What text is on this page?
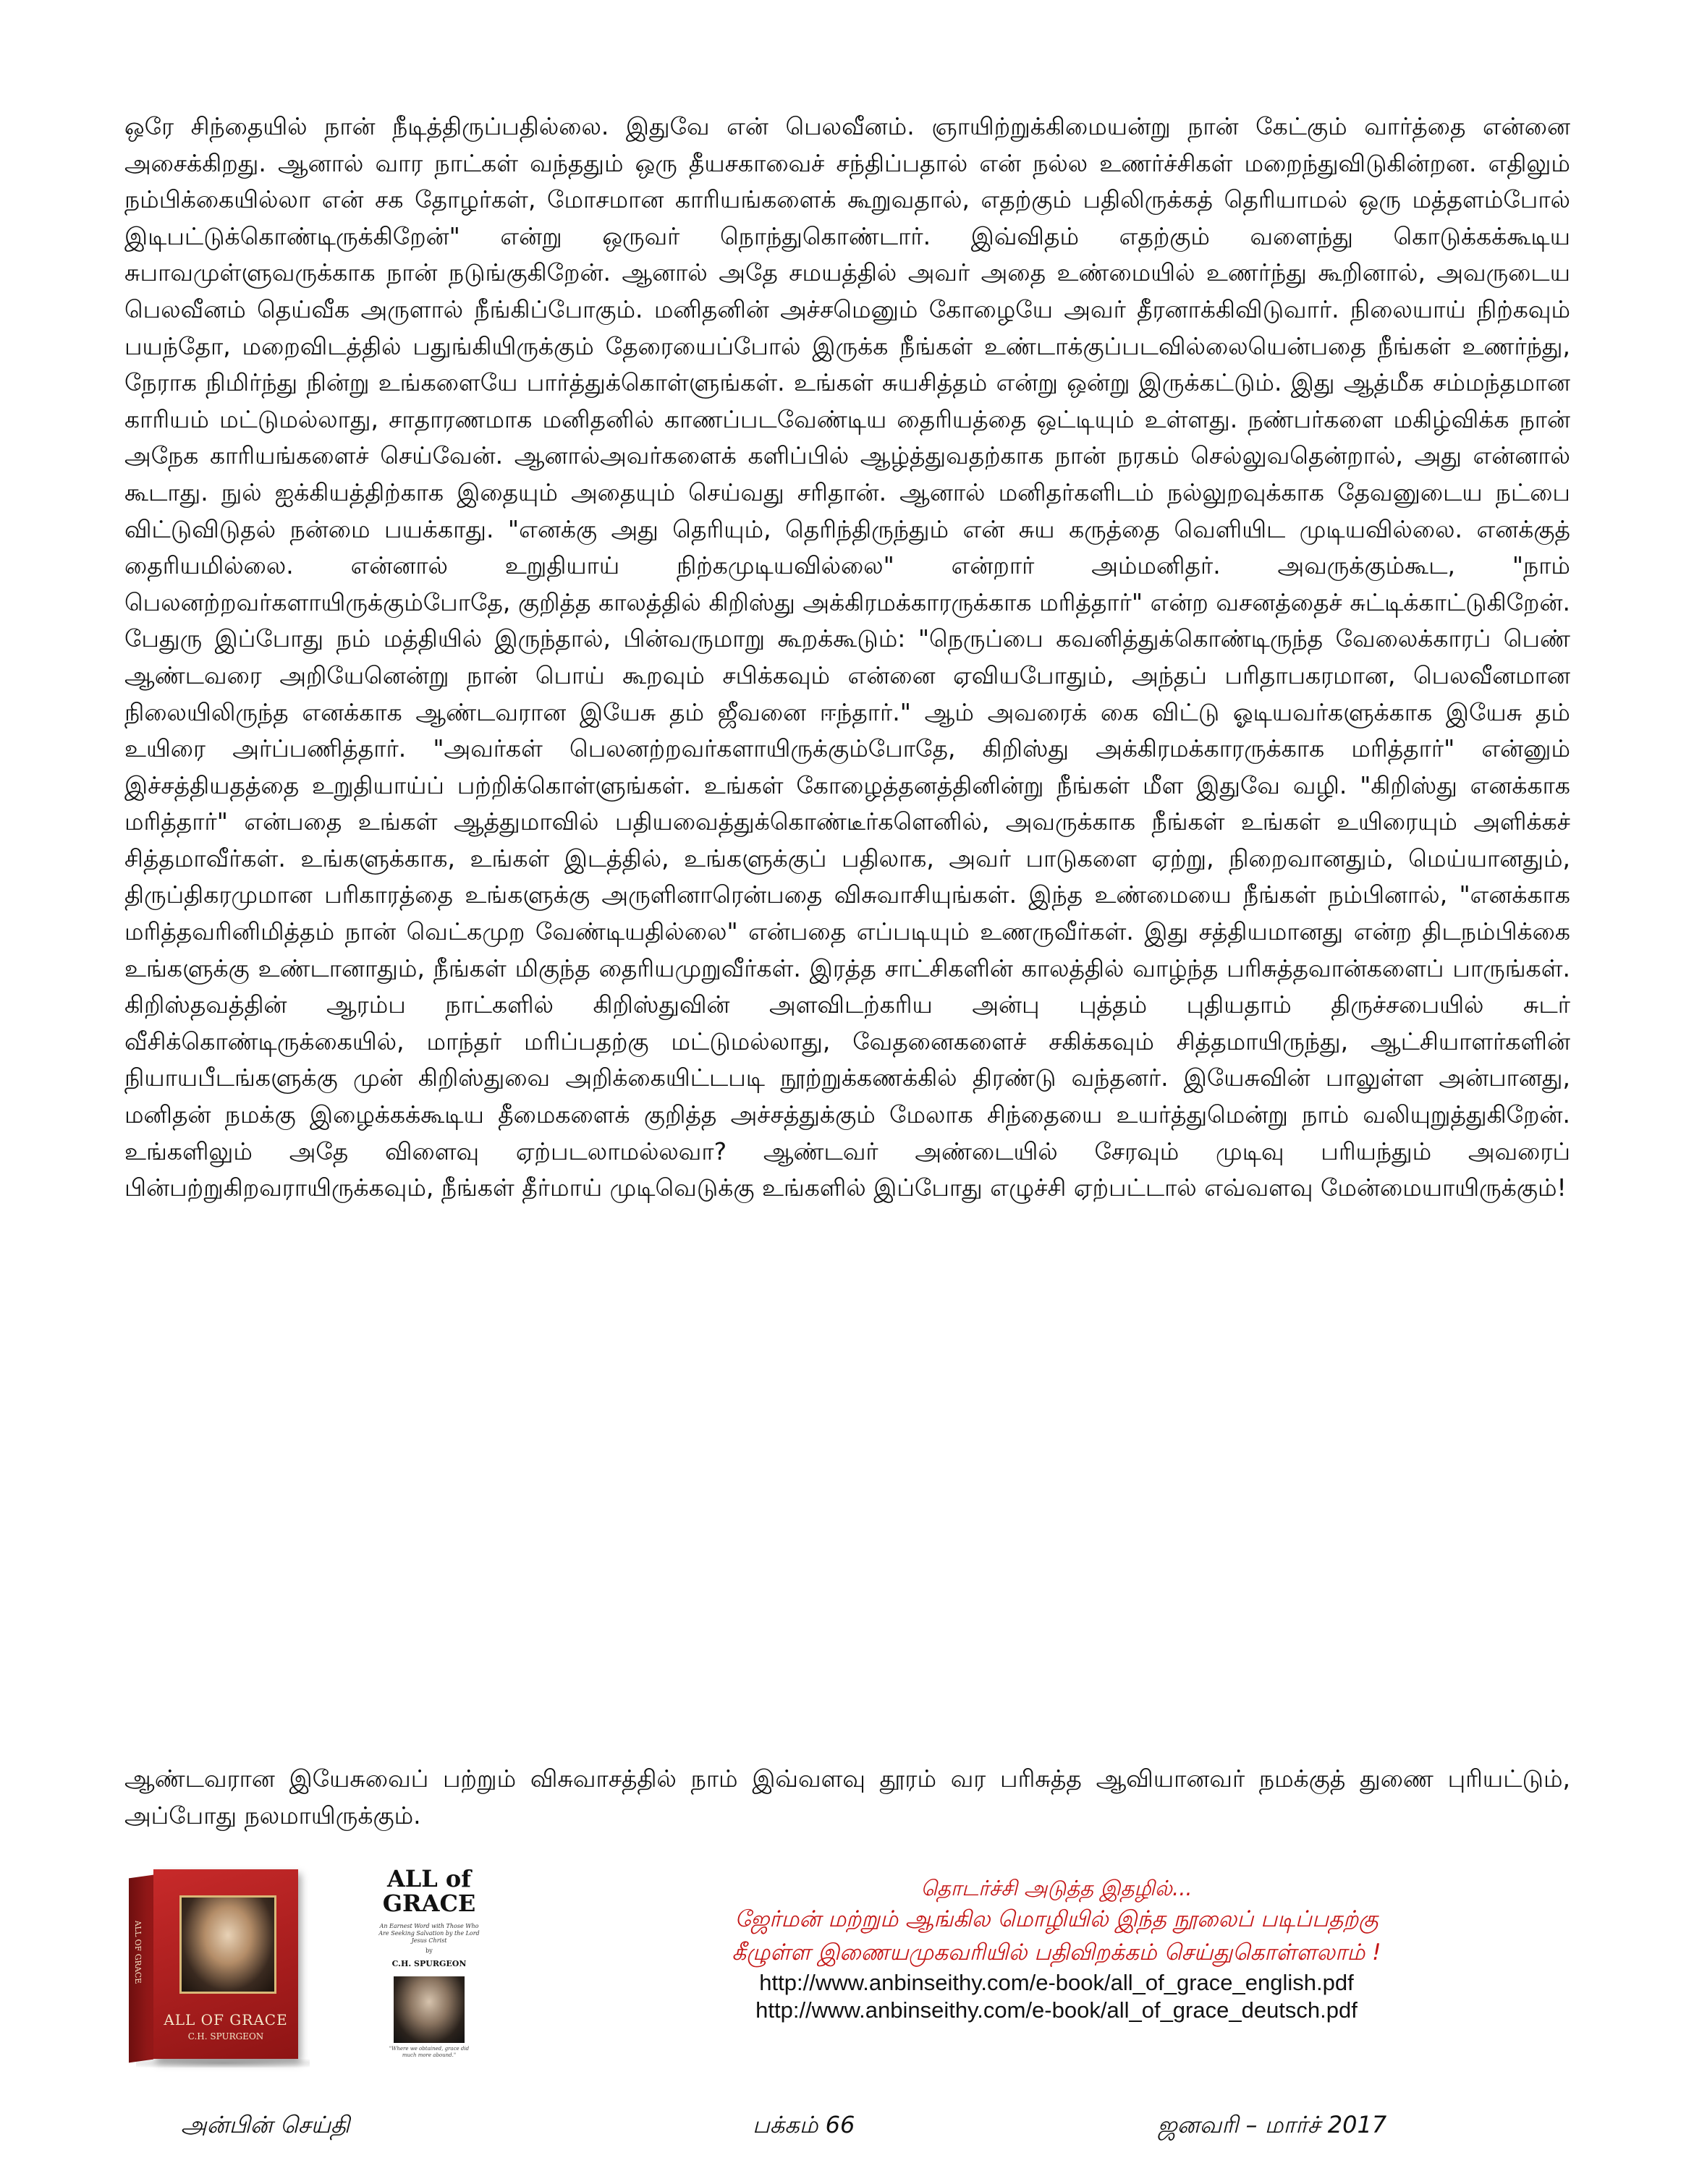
ஒரே சிந்தையில் நான் நீடித்திருப்பதில்லை. இதுவே என் பெலவீனம். ஞாயிற்றுக்கிமையன்று நான் கேட்கும் வார்த்தை என்னை அசைக்கிறது. ஆனால் வார நாட்கள் வந்ததும் ஒரு தீயசகாவைச் சந்திப்பதால் என் நல்ல உணர்ச்சிகள் மறைந்துவிடுகின்றன. எதிலும் நம்பிக்கையில்லா என் சக தோழர்கள், மோசமான காரியங்களைக் கூறுவதால், எதற்கும் பதிலிருக்கத் தெரியாமல் ஒரு மத்தளம்போல் இடிபட்டுக்கொண்டிருக்கிறேன்" என்று ஒருவர் நொந்துகொண்டார். இவ்விதம் எதற்கும் வளைந்து கொடுக்கக்கூடிய சுபாவமுள்ளுவருக்காக நான் நடுங்குகிறேன். ஆனால் அதே சமயத்தில் அவர் அதை உண்மையில் உணர்ந்து கூறினால், அவருடைய பெலவீனம் தெய்வீக அருளால் நீங்கிப்போகும். மனிதனின் அச்சமெனும் கோழையே அவர் தீரனாக்கிவிடுவார். நிலையாய் நிற்கவும் பயந்தோ, மறைவிடத்தில் பதுங்கியிருக்கும் தேரையைப்போல் இருக்க நீங்கள் உண்டாக்குப்படவில்லையென்பதை நீங்கள் உணர்ந்து, நேராக நிமிர்ந்து நின்று உங்களையே பார்த்துக்கொள்ளுங்கள். உங்கள் சுயசித்தம் என்று ஒன்று இருக்கட்டும். இது ஆத்மீக சம்மந்தமான காரியம் மட்டுமல்லாது, சாதாரணமாக மனிதனில் காணப்படவேண்டிய தைரியத்தை ஒட்டியும் உள்ளது. நண்பர்களை மகிழ்விக்க நான் அநேக காரியங்களைச் செய்வேன். ஆனால்அவர்களைக் களிப்பில் ஆழ்த்துவதற்காக நான் நரகம் செல்லுவதென்றால், அது என்னால் கூடாது. நுல் ஐக்கியத்திற்காக இதையும் அதையும் செய்வது சரிதான். ஆனால் மனிதர்களிடம் நல்லுறவுக்காக தேவனுடைய நட்பை விட்டுவிடுதல் நன்மை பயக்காது. "எனக்கு அது தெரியும், தெரிந்திருந்தும் என் சுய கருத்தை வெளியிட முடியவில்லை. எனக்குத் தைரியமில்லை. என்னால் உறுதியாய் நிற்கமுடியவில்லை" என்றார் அம்மனிதர். அவருக்கும்கூட, "நாம் பெலனற்றவர்களாயிருக்கும்போதே, குறித்த காலத்தில் கிறிஸ்து அக்கிரமக்காரருக்காக மரித்தார்" என்ற வசனத்தைச் சுட்டிக்காட்டுகிறேன். பேதுரு இப்போது நம் மத்தியில் இருந்தால், பின்வருமாறு கூறக்கூடும்: "நெருப்பை கவனித்துக்கொண்டிருந்த வேலைக்காரப் பெண் ஆண்டவரை அறியேனென்று நான் பொய் கூறவும் சபிக்கவும் என்னை ஏவியபோதும், அந்தப் பரிதாபகரமான, பெலவீனமான நிலையிலிருந்த எனக்காக ஆண்டவரான இயேசு தம் ஜீவனை ஈந்தார்." ஆம் அவரைக் கை விட்டு ஓடியவர்களுக்காக இயேசு தம் உயிரை அர்ப்பணித்தார். "அவர்கள் பெலனற்றவர்களாயிருக்கும்போதே, கிறிஸ்து அக்கிரமக்காரருக்காக மரித்தார்" என்னும் இச்சத்தியதத்தை உறுதியாய்ப் பற்றிக்கொள்ளுங்கள். உங்கள் கோழைத்தனத்தினின்று நீங்கள் மீள இதுவே வழி. "கிறிஸ்து எனக்காக மரித்தார்" என்பதை உங்கள் ஆத்துமாவில் பதியவைத்துக்கொண்டீர்களெனில், அவருக்காக நீங்கள் உங்கள் உயிரையும் அளிக்கச் சித்தமாவீர்கள். உங்களுக்காக, உங்கள் இடத்தில், உங்களுக்குப் பதிலாக, அவர் பாடுகளை ஏற்று, நிறைவானதும், மெய்யானதும், திருப்திகரமுமான பரிகாரத்தை உங்களுக்கு அருளினாரென்பதை விசுவாசியுங்கள். இந்த உண்மையை நீங்கள் நம்பினால், "எனக்காக மரித்தவரினிமித்தம் நான் வெட்கமுற வேண்டியதில்லை" என்பதை எப்படியும் உணருவீர்கள். இது சத்தியமானது என்ற திடநம்பிக்கை உங்களுக்கு உண்டானாதும், நீங்கள் மிகுந்த தைரியமுறுவீர்கள். இரத்த சாட்சிகளின் காலத்தில் வாழ்ந்த பரிசுத்தவான்களைப் பாருங்கள். கிறிஸ்தவத்தின் ஆரம்ப நாட்களில் கிறிஸ்துவின் அளவிடற்கரிய அன்பு புத்தம் புதியதாம் திருச்சபையில் சுடர் வீசிக்கொண்டிருக்கையில், மாந்தர் மரிப்பதற்கு மட்டுமல்லாது, வேதனைகளைச் சகிக்கவும் சித்தமாயிருந்து, ஆட்சியாளர்களின் நியாயபீடங்களுக்கு முன் கிறிஸ்துவை அறிக்கையிட்டபடி நூற்றுக்கணக்கில் திரண்டு வந்தனர். இயேசுவின் பாலுள்ள அன்பானது, மனிதன் நமக்கு இழைக்கக்கூடிய தீமைகளைக் குறித்த அச்சத்துக்கும் மேலாக சிந்தையை உயர்த்துமென்று நாம் வலியுறுத்துகிறேன். உங்களிலும் அதே விளைவு ஏற்படலாமல்லவா? ஆண்டவர் அண்டையில் சேரவும் முடிவு பரியந்தும் அவரைப் பின்பற்றுகிறவராயிருக்கவும், நீங்கள் தீர்மாய் முடிவெடுக்கு உங்களில் இப்போது எழுச்சி ஏற்பட்டால் எவ்வளவு மேன்மையாயிருக்கும்!

ஆண்டவரான இயேசுவைப் பற்றும் விசுவாசத்தில் நாம் இவ்வளவு தூரம் வர பரிசுத்த ஆவியானவர் நமக்குத் துணை புரியட்டும், அப்போது நலமாயிருக்கும்.

ALL OF GRACE
ALL OF GRACE
C.H. SPURGEON
ALL of
GRACE
An Earnest Word with Those Who Are Seeking Salvation by the Lord Jesus Christ
by
C.H. SPURGEON
"Where we obtained, grace did much more abound."
தொடர்ச்சி அடுத்த இதழில்...
ஜேர்மன் மற்றும் ஆங்கில மொழியில் இந்த நூலைப் படிப்பதற்கு
கீழுள்ள இணையமுகவரியில் பதிவிறக்கம் செய்துகொள்ளலாம் !
http://www.anbinseithy.com/e-book/all_of_grace_english.pdf
http://www.anbinseithy.com/e-book/all_of_grace_deutsch.pdf
அன்பின் செய்தி	பக்கம் 66	ஜனவரி – மார்ச் 2017
